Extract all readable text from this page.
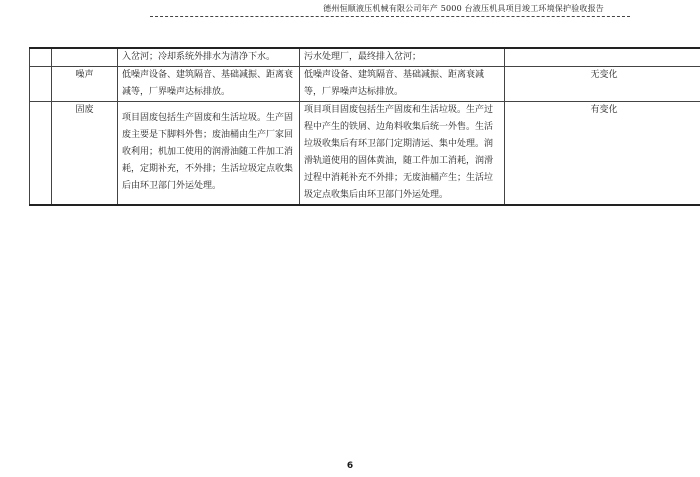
德州恒顺液压机械有限公司年产 5000 台液压机具项目竣工环境保护验收报告
		入岔河；冷却系统外排水为清净下水。	污水处理厂，最终排入岔河；	
	噪声	低噪声设备、建筑隔音、基础减振、距离衰减等，厂界噪声达标排放。	低噪声设备、建筑隔音、基础减振、距离衰减等，厂界噪声达标排放。	无变化
	固废	项目固废包括生产固废和生活垃圾。生产固废主要是下脚料外售；废油桶由生产厂家回收利用；机加工使用的润滑油随工件加工消耗，定期补充，不外排；生活垃圾定点收集后由环卫部门外运处理。	项目项目固废包括生产固废和生活垃圾。生产过程中产生的铁屑、边角料收集后统一外售。生活垃圾收集后有环卫部门定期清运、集中处理。润滑轨道使用的固体黄油，随工件加工消耗，润滑过程中消耗补充不外排；无废油桶产生；生活垃圾定点收集后由环卫部门外运处理。	有变化
6
